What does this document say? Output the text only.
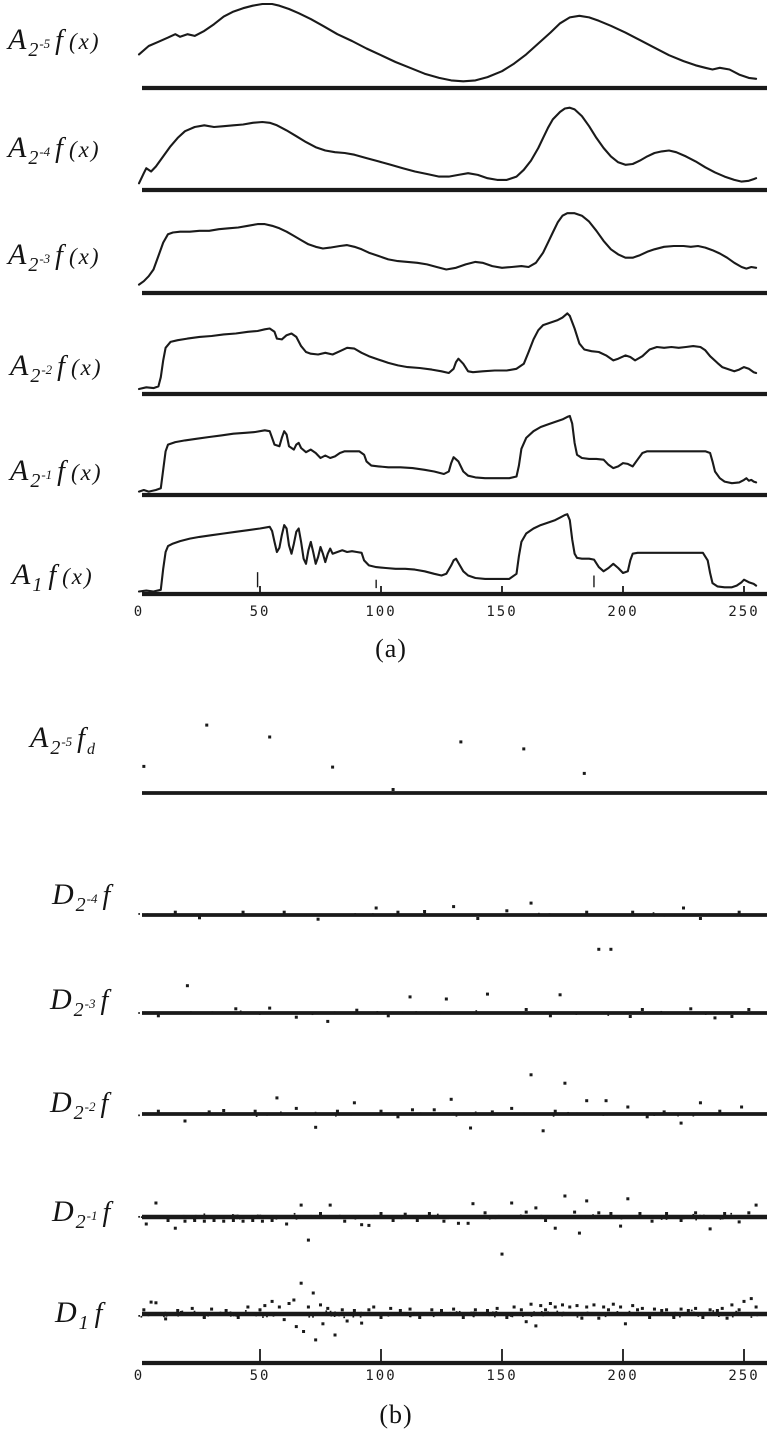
A 2-5 f (x)
A 2-4 f (x)
A 2-3 f (x)
A 2-2 f (x)
A 2-1 f (x)
A 1 f (x)
0	50	100	150	200	250
(a)
A 2-5 f d
D 2-4 f
D 2-3 f
D 2-2 f
D 2-1 f
D 1 f
0	50	100	150	200	250
(b)
